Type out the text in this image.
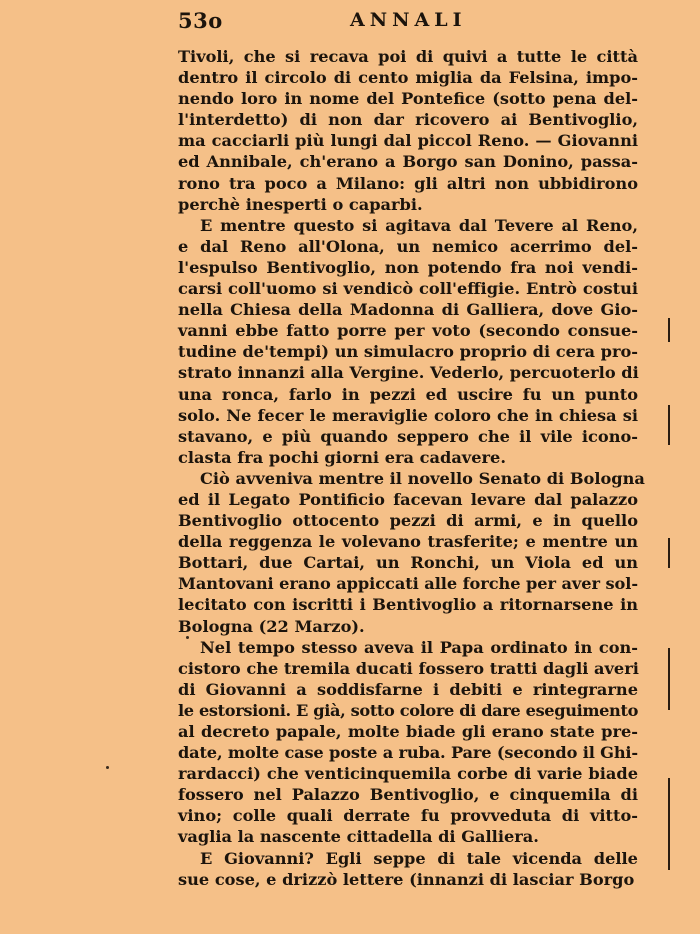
53o	ANNALI
Tivoli, che si recava poi di quivi a tutte le città
dentro il circolo di cento miglia da Felsina, impo-
nendo loro in nome del Pontefice (sotto pena del-
l'interdetto) di non dar ricovero ai Bentivoglio,
ma cacciarli più lungi dal piccol Reno. — Giovanni
ed Annibale, ch'erano a Borgo san Donino, passa-
rono tra poco a Milano: gli altri non ubbidirono
perchè inesperti o caparbi.
E mentre questo si agitava dal Tevere al Reno,
e dal Reno all'Olona, un nemico acerrimo del-
l'espulso Bentivoglio, non potendo fra noi vendi-
carsi coll'uomo si vendicò coll'effigie. Entrò costui
nella Chiesa della Madonna di Galliera, dove Gio-
vanni ebbe fatto porre per voto (secondo consue-
tudine de'tempi) un simulacro proprio di cera pro-
strato innanzi alla Vergine. Vederlo, percuoterlo di
una ronca, farlo in pezzi ed uscire fu un punto
solo. Ne fecer le meraviglie coloro che in chiesa si
stavano, e più quando seppero che il vile icono-
clasta fra pochi giorni era cadavere.
Ciò avveniva mentre il novello Senato di Bologna
ed il Legato Pontificio facevan levare dal palazzo
Bentivoglio ottocento pezzi di armi, e in quello
della reggenza le volevano trasferite; e mentre un
Bottari, due Cartai, un Ronchi, un Viola ed un
Mantovani erano appiccati alle forche per aver sol-
lecitato con iscritti i Bentivoglio a ritornarsene in
Bologna (22 Marzo).
Nel tempo stesso aveva il Papa ordinato in con-
cistoro che tremila ducati fossero tratti dagli averi
di Giovanni a soddisfarne i debiti e rintegrarne
le estorsioni. E già, sotto colore di dare eseguimento
al decreto papale, molte biade gli erano state pre-
date, molte case poste a ruba. Pare (secondo il Ghi-
rardacci) che venticinquemila corbe di varie biade
fossero nel Palazzo Bentivoglio, e cinquemila di
vino; colle quali derrate fu provveduta di vitto-
vaglia la nascente cittadella di Galliera.
E Giovanni? Egli seppe di tale vicenda delle
sue cose, e drizzò lettere (innanzi di lasciar Borgo
